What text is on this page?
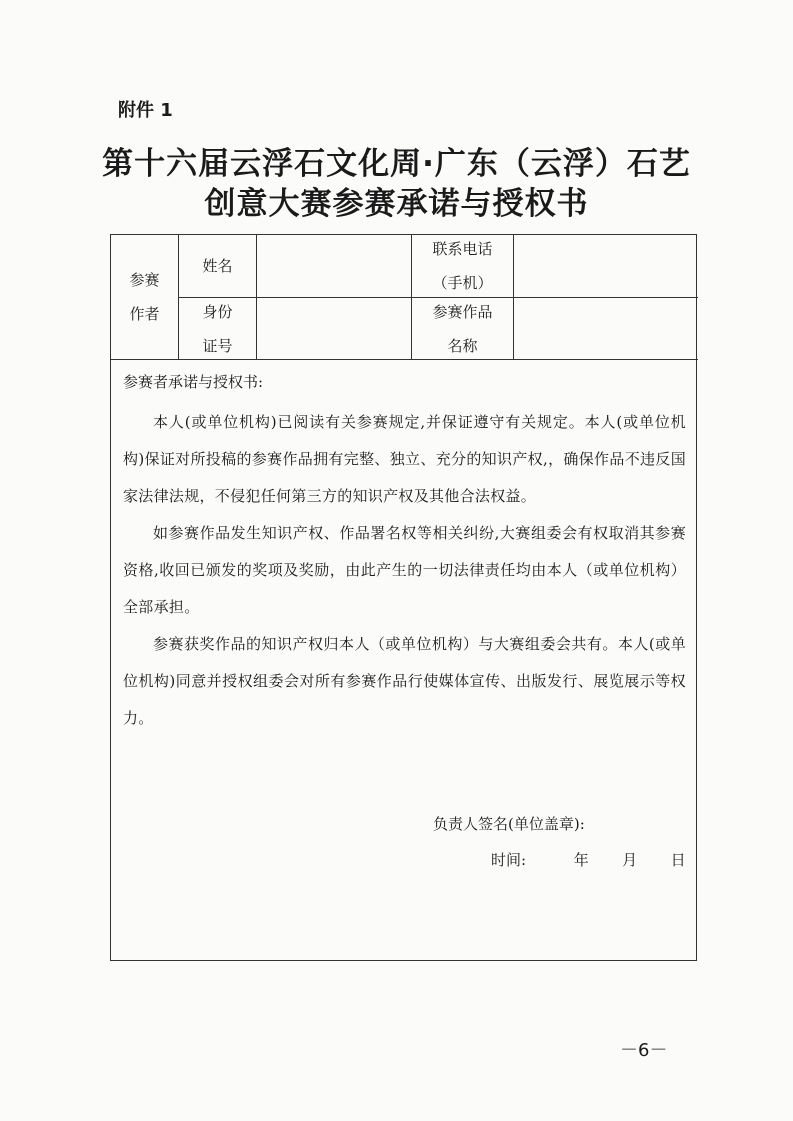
附件 1
第十六届云浮石文化周·广东（云浮）石艺
创意大赛参赛承诺与授权书
参赛
作者
姓名
联系电话
（手机）
身份
证号
参赛作品
名称

参赛者承诺与授权书:

本人(或单位机构)已阅读有关参赛规定,并保证遵守有关规定。本人(或单位机构)保证对所投稿的参赛作品拥有完整、独立、充分的知识产权,，确保作品不违反国家法律法规，不侵犯任何第三方的知识产权及其他合法权益。

如参赛作品发生知识产权、作品署名权等相关纠纷,大赛组委会有权取消其参赛资格,收回已颁发的奖项及奖励，由此产生的一切法律责任均由本人（或单位机构）全部承担。

参赛获奖作品的知识产权归本人（或单位机构）与大赛组委会共有。本人(或单位机构)同意并授权组委会对所有参赛作品行使媒体宣传、出版发行、展览展示等权力。

负责人签名(单位盖章):
时间:	年 月 日
－6－
